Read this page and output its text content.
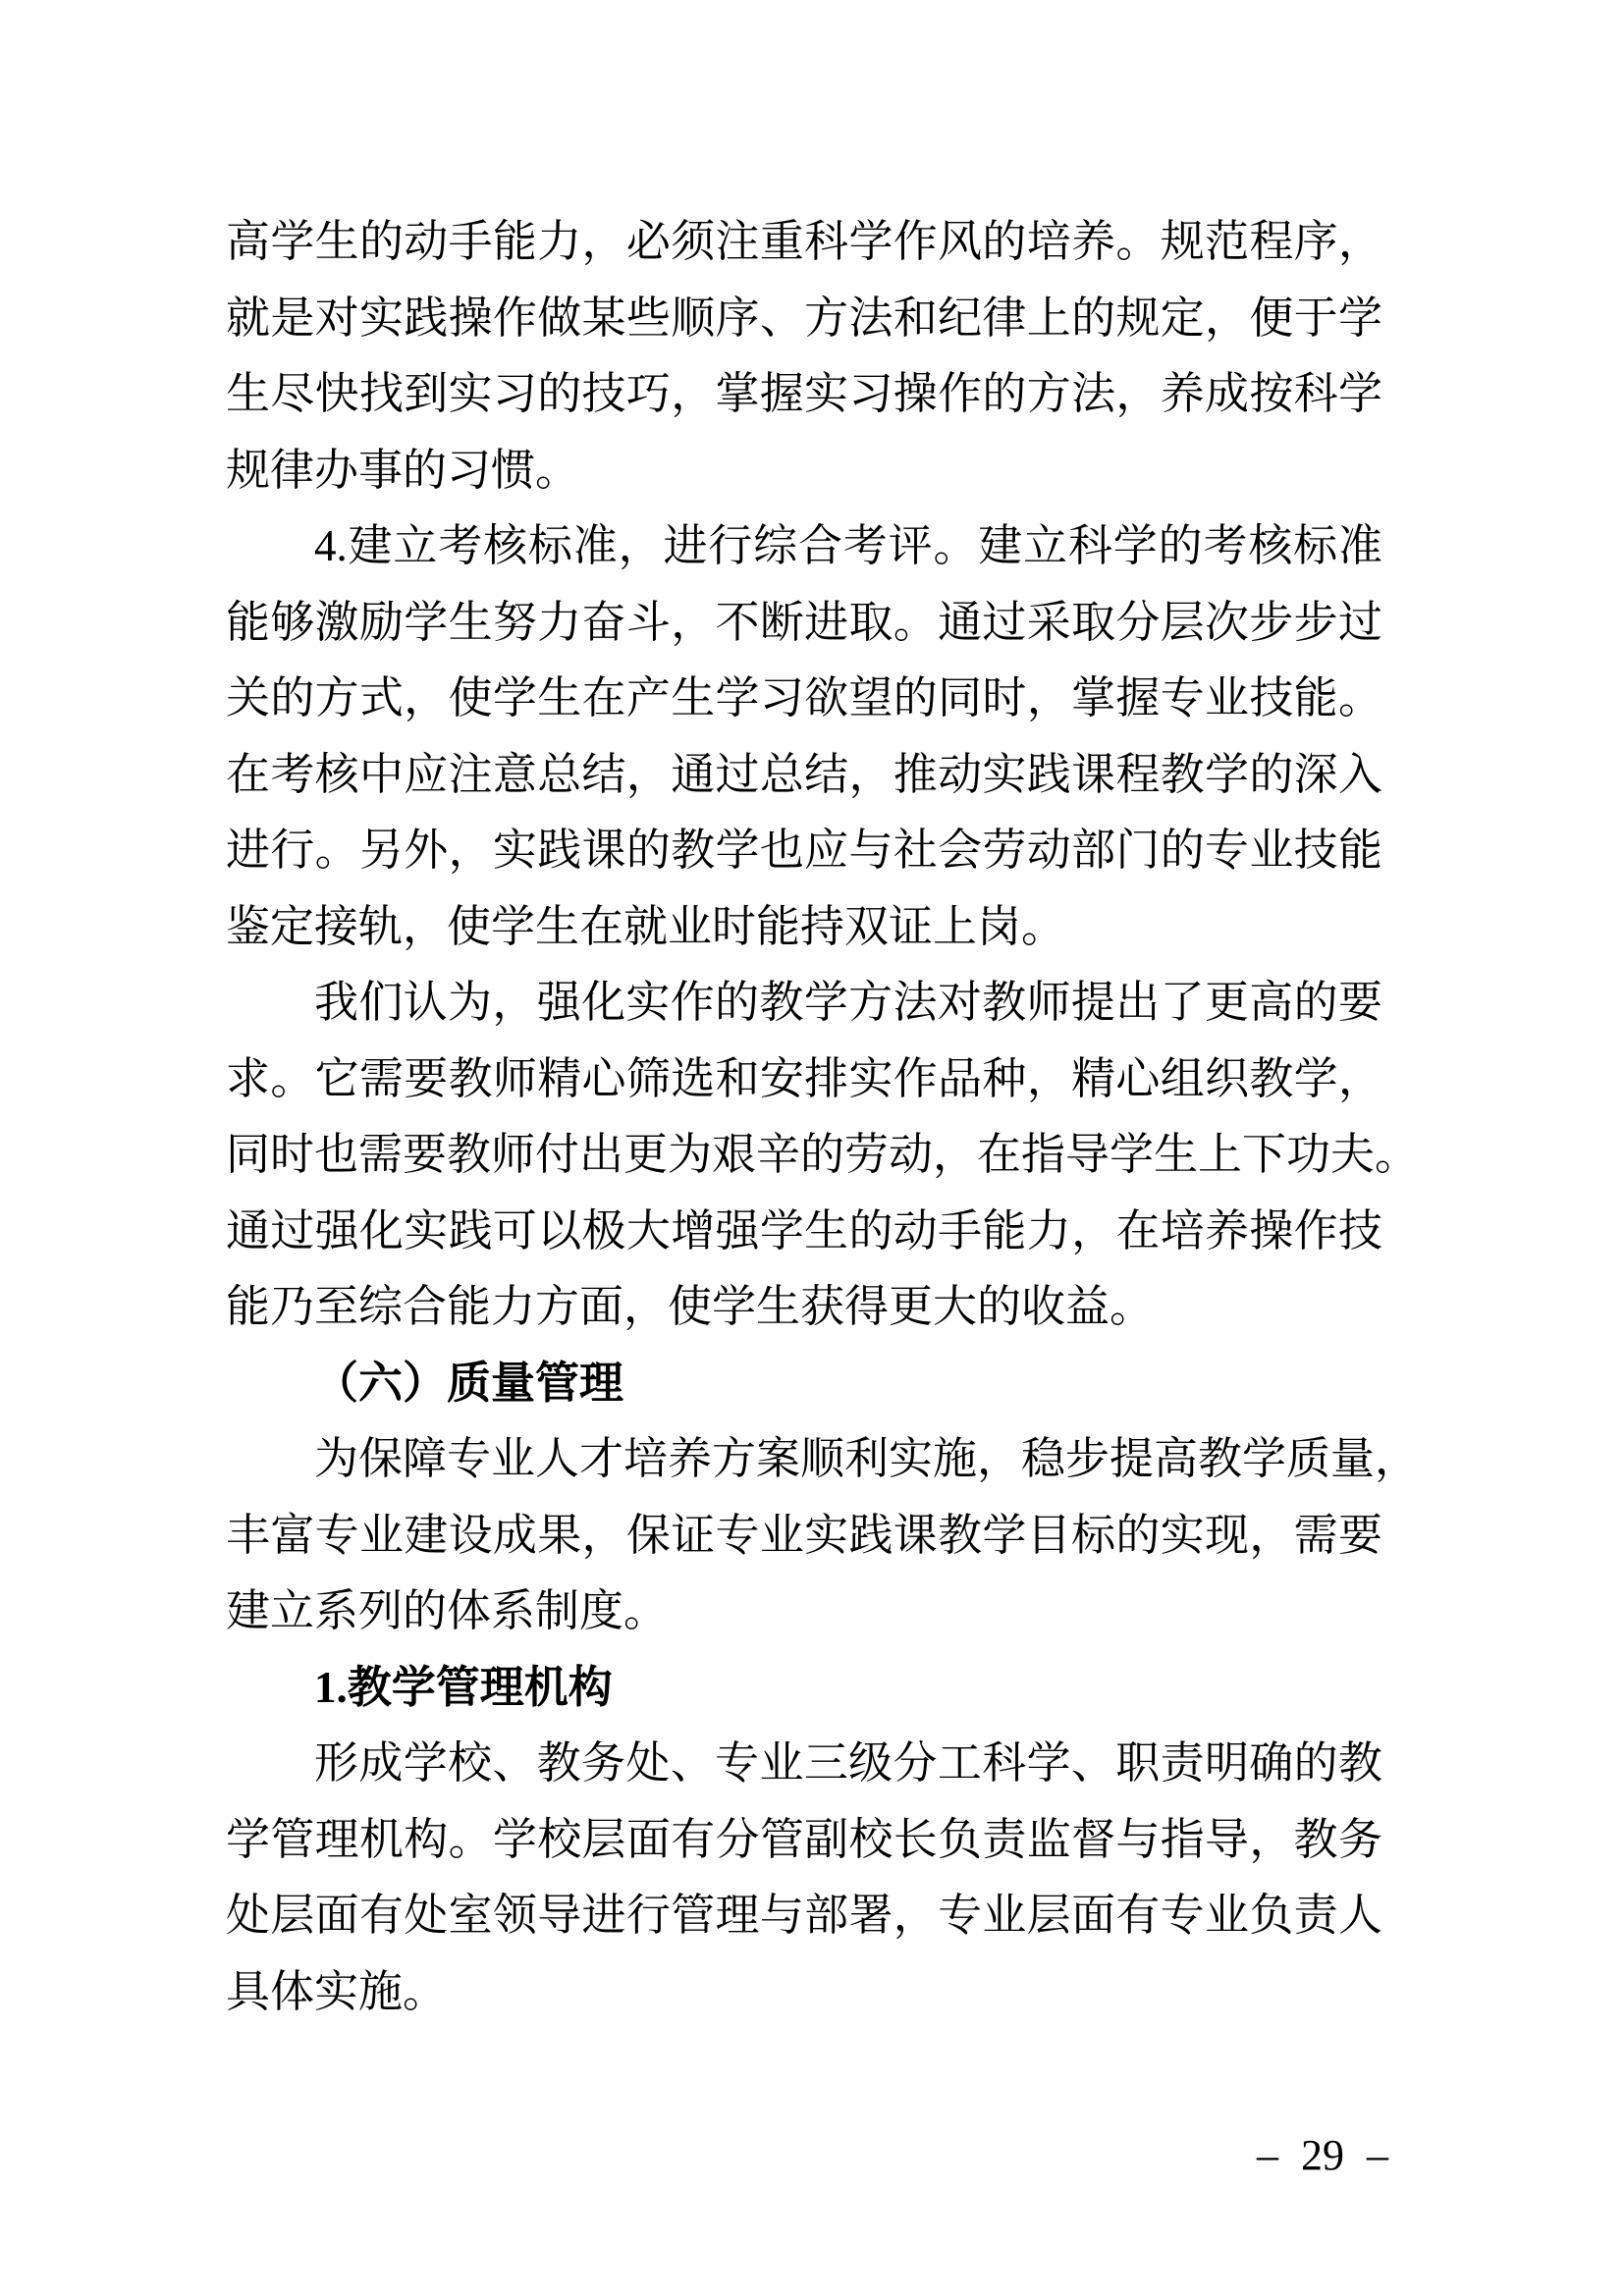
高学生的动手能力，必须注重科学作风的培养。规范程序，
就是对实践操作做某些顺序、方法和纪律上的规定，便于学
生尽快找到实习的技巧，掌握实习操作的方法，养成按科学
规律办事的习惯。
4.建立考核标准，进行综合考评。建立科学的考核标准
能够激励学生努力奋斗，不断进取。通过采取分层次步步过
关的方式，使学生在产生学习欲望的同时，掌握专业技能。
在考核中应注意总结，通过总结，推动实践课程教学的深入
进行。另外，实践课的教学也应与社会劳动部门的专业技能
鉴定接轨，使学生在就业时能持双证上岗。
我们认为，强化实作的教学方法对教师提出了更高的要
求。它需要教师精心筛选和安排实作品种，精心组织教学，
同时也需要教师付出更为艰辛的劳动，在指导学生上下功夫。
通过强化实践可以极大增强学生的动手能力，在培养操作技
能乃至综合能力方面，使学生获得更大的收益。
（六）质量管理
为保障专业人才培养方案顺利实施，稳步提高教学质量，
丰富专业建设成果，保证专业实践课教学目标的实现，需要
建立系列的体系制度。
1.教学管理机构
形成学校、教务处、专业三级分工科学、职责明确的教
学管理机构。学校层面有分管副校长负责监督与指导，教务
处层面有处室领导进行管理与部署，专业层面有专业负责人
具体实施。
– 29 –
